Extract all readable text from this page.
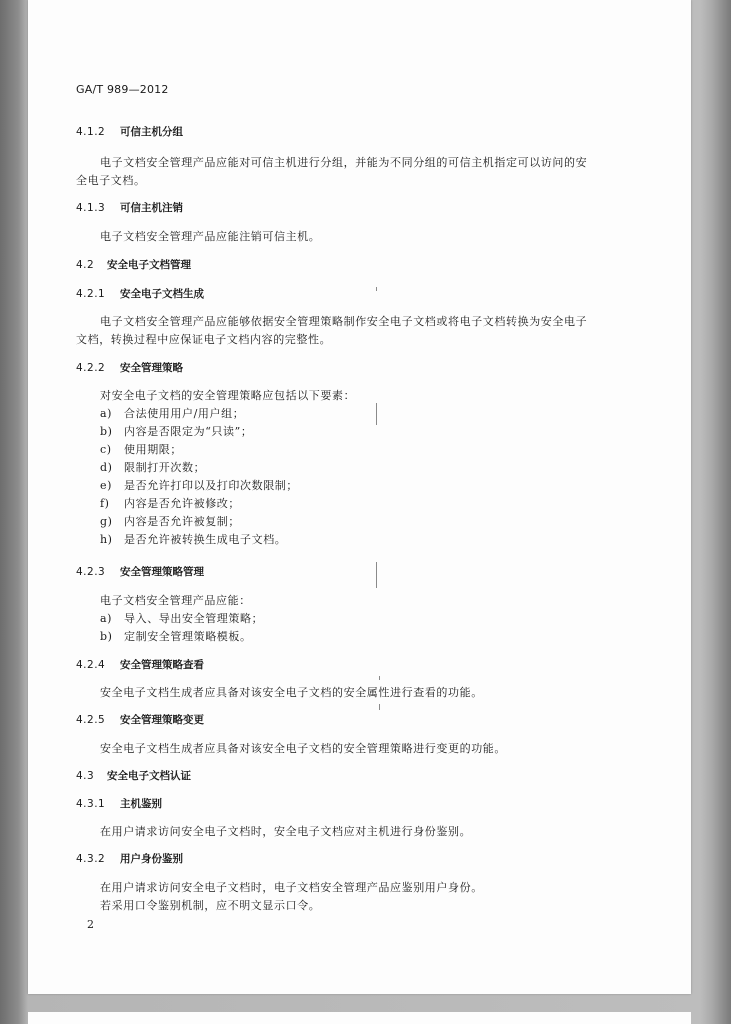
GA/T 989—2012
4.1.2 可信主机分组
电子文档安全管理产品应能对可信主机进行分组，并能为不同分组的可信主机指定可以访问的安
全电子文档。
4.1.3 可信主机注销
电子文档安全管理产品应能注销可信主机。
4.2 安全电子文档管理
4.2.1 安全电子文档生成
电子文档安全管理产品应能够依据安全管理策略制作安全电子文档或将电子文档转换为安全电子
文档，转换过程中应保证电子文档内容的完整性。
4.2.2 安全管理策略
对安全电子文档的安全管理策略应包括以下要素：
a) 合法使用用户/用户组；
b) 内容是否限定为“只读”；
c) 使用期限；
d) 限制打开次数；
e) 是否允许打印以及打印次数限制；
f) 内容是否允许被修改；
g) 内容是否允许被复制；
h) 是否允许被转换生成电子文档。
4.2.3 安全管理策略管理
电子文档安全管理产品应能：
a) 导入、导出安全管理策略；
b) 定制安全管理策略模板。
4.2.4 安全管理策略查看
安全电子文档生成者应具备对该安全电子文档的安全属性进行查看的功能。
4.2.5 安全管理策略变更
安全电子文档生成者应具备对该安全电子文档的安全管理策略进行变更的功能。
4.3 安全电子文档认证
4.3.1 主机鉴别
在用户请求访问安全电子文档时，安全电子文档应对主机进行身份鉴别。
4.3.2 用户身份鉴别
在用户请求访问安全电子文档时，电子文档安全管理产品应鉴别用户身份。
若采用口令鉴别机制，应不明文显示口令。
2
